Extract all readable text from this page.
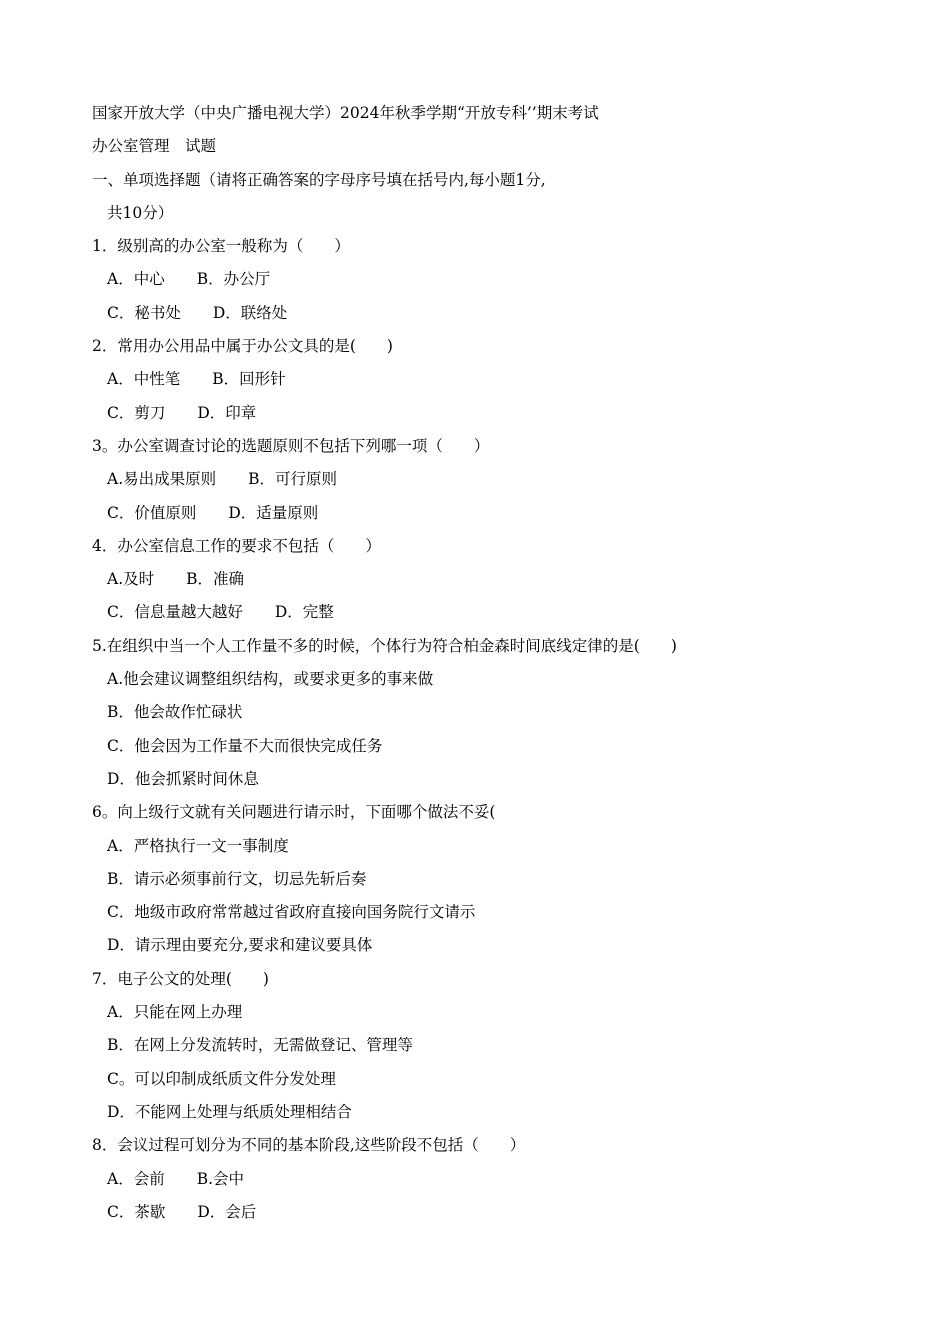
国家开放大学（中央广播电视大学）2024年秋季学期“开放专科’’期末考试
办公室管理　试题
一、单项选择题（请将正确答案的字母序号填在括号内,每小题1分,
共10分）
1．级别高的办公室一般称为（　　）
A．中心 B．办公厅
C．秘书处 D．联络处
2．常用办公用品中属于办公文具的是(　　)
A．中性笔 B．回形针
C．剪刀 D．印章
3。办公室调查讨论的选题原则不包括下列哪一项（　　）
A.易出成果原则 B．可行原则
C．价值原则 D．适量原则
4．办公室信息工作的要求不包括（　　）
A.及时 B．准确
C．信息量越大越好 D．完整
5.在组织中当一个人工作量不多的时候，个体行为符合柏金森时间底线定律的是(　　)
A.他会建议调整组织结构，或要求更多的事来做
B．他会故作忙碌状
C．他会因为工作量不大而很快完成任务
D．他会抓紧时间休息
6。向上级行文就有关问题进行请示时，下面哪个做法不妥(
A．严格执行一文一事制度
B．请示必须事前行文，切忌先斩后奏
C．地级市政府常常越过省政府直接向国务院行文请示
D．请示理由要充分,要求和建议要具体
7．电子公文的处理(　　)
A．只能在网上办理
B．在网上分发流转时，无需做登记、管理等
C。可以印制成纸质文件分发处理
D．不能网上处理与纸质处理相结合
8．会议过程可划分为不同的基本阶段,这些阶段不包括（　　）
A．会前 B.会中
C．茶歇 D．会后
